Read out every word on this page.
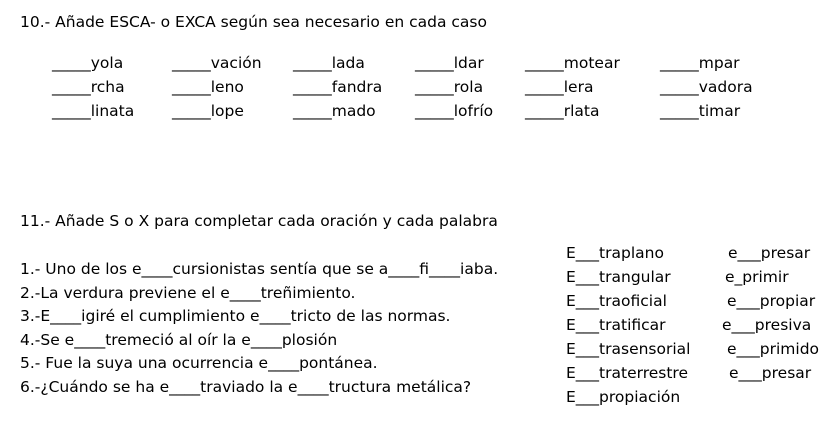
10.- Añade ESCA- o EXCA según sea necesario en cada caso
_____yola	_____vación _____lada	_____ldar	_____motear	_____mpar
_____rcha	_____leno	_____fandra _____rola	_____lera	_____vadora
_____linata _____lope	_____mado	_____lofrío _____rlata	_____timar
11.- Añade S o X para completar cada oración y cada palabra
1.- Uno de los e____cursionistas sentía que se a____fi____iaba.
2.-La verdura previene el e____treñimiento.
3.-E____igiré el cumplimiento e____tricto de las normas.
4.-Se e____tremeció al oír la e____plosión
5.- Fue la suya una ocurrencia e____pontánea.
6.-¿Cuándo se ha e____traviado la e____tructura metálica?
E___traplano
E___trangular
E___traoficial
E___tratificar
E___trasensorial
E___traterrestre
E___propiación
e___presar
e_primir
e___propiar
e___presiva
e___primido
e___presar
